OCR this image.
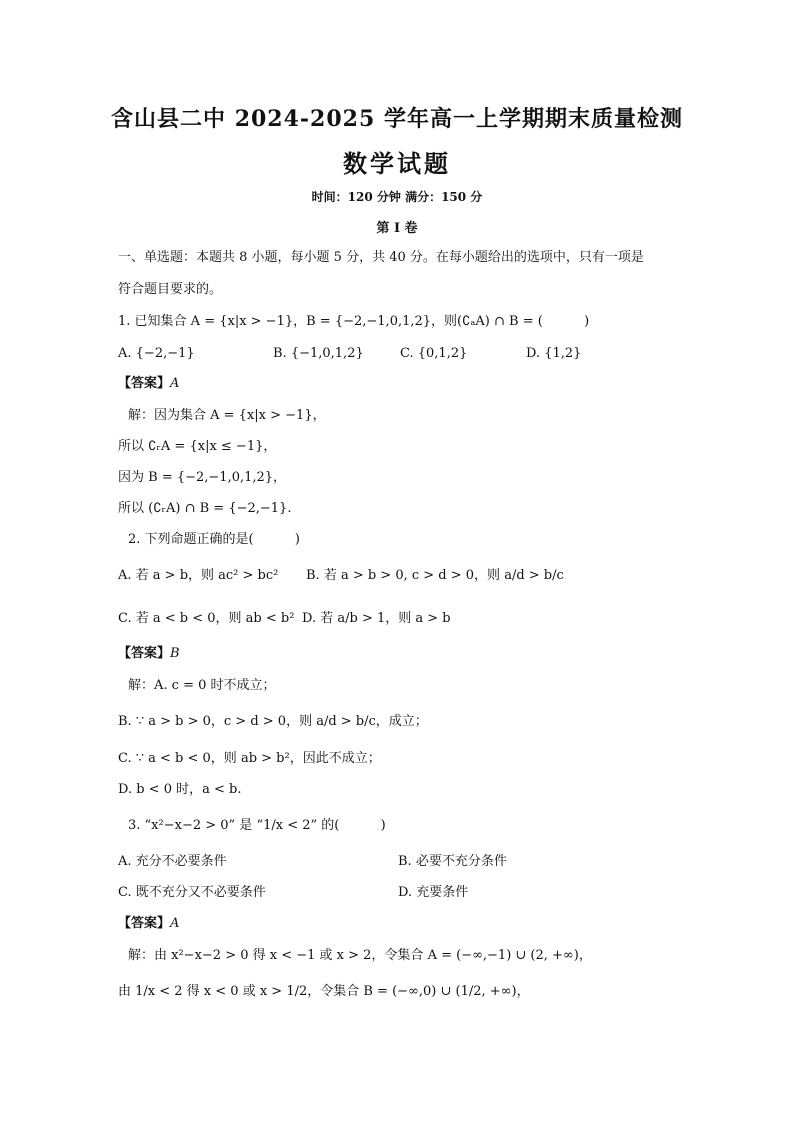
含山县二中 2024-2025 学年高一上学期期末质量检测
数学试题
时间：120 分钟 满分：150 分
第 I 卷
一、单选题：本题共 8 小题，每小题 5 分，共 40 分。在每小题给出的选项中，只有一项是
符合题目要求的。
1. 已知集合 A = {x|x > −1}，B = {−2,−1,0,1,2}，则(∁ₐA) ∩ B = (          )
A. {−2,−1}	B. {−1,0,1,2}	C. {0,1,2}	D. {1,2}
【答案】A
解：因为集合 A = {x|x > −1}，
所以 ∁ᵣA = {x|x ≤ −1}，
因为 B = {−2,−1,0,1,2}，
所以 (∁ᵣA) ∩ B = {−2,−1}.
2. 下列命题正确的是(          )
A. 若 a > b，则 ac² > bc² B. 若 a > b > 0, c > d > 0，则 a/d > b/c
C. 若 a < b < 0，则 ab < b² D. 若 a/b > 1，则 a > b
【答案】B
解：A. c = 0 时不成立；
B. ∵ a > b > 0，c > d > 0，则 a/d > b/c，成立；
C. ∵ a < b < 0，则 ab > b²，因此不成立；
D. b < 0 时，a < b.
3. “x²−x−2 > 0” 是 “1/x < 2” 的(          )
A. 充分不必要条件	B. 必要不充分条件
C. 既不充分又不必要条件	D. 充要条件
【答案】A
解：由 x²−x−2 > 0 得 x < −1 或 x > 2，令集合 A = (−∞,−1) ∪ (2, +∞)，
由 1/x < 2 得 x < 0 或 x > 1/2，令集合 B = (−∞,0) ∪ (1/2, +∞)，
